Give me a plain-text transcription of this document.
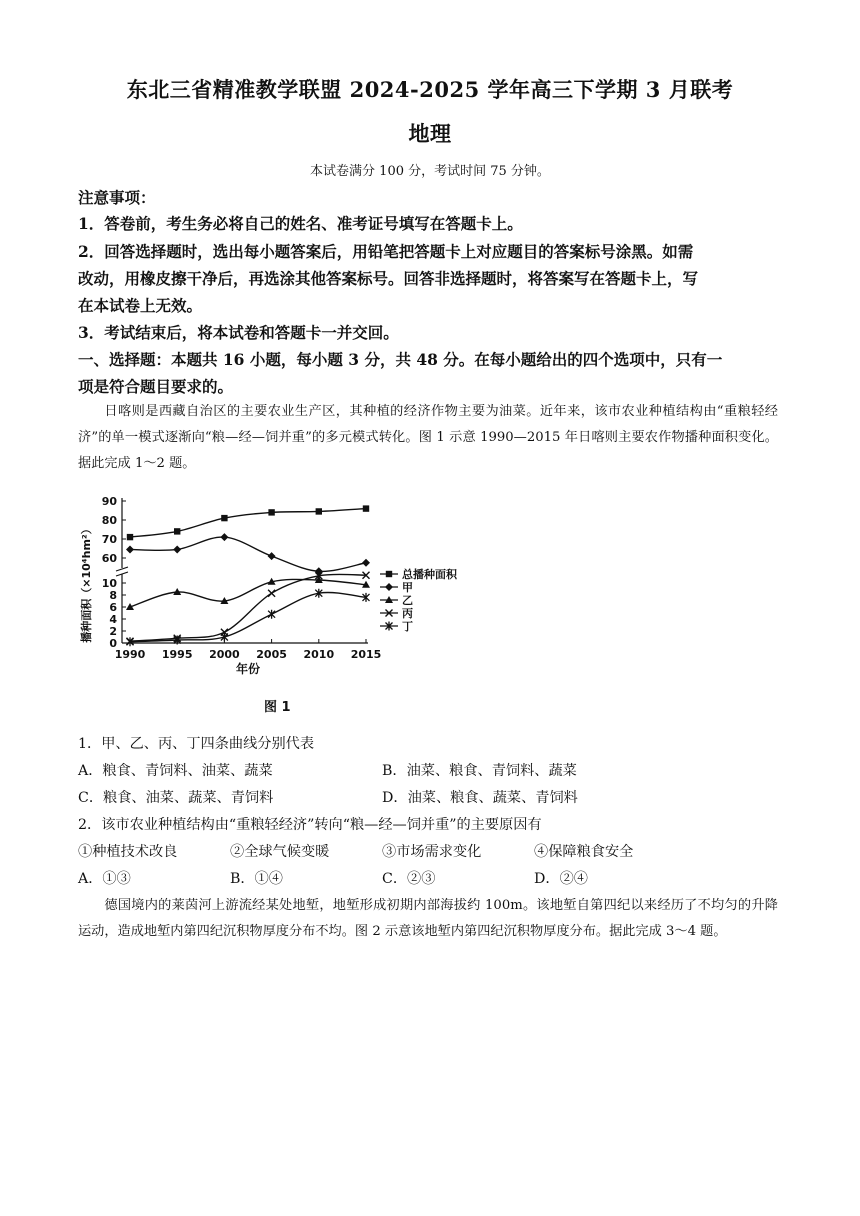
东北三省精准教学联盟 2024-2025 学年高三下学期 3 月联考
地理
本试卷满分 100 分，考试时间 75 分钟。
注意事项：
1．答卷前，考生务必将自己的姓名、准考证号填写在答题卡上。
2．回答选择题时，选出每小题答案后，用铅笔把答题卡上对应题目的答案标号涂黑。如需
改动，用橡皮擦干净后，再选涂其他答案标号。回答非选择题时，将答案写在答题卡上，写
在本试卷上无效。
3．考试结束后，将本试卷和答题卡一并交回。
一、选择题：本题共 16 小题，每小题 3 分，共 48 分。在每小题给出的四个选项中，只有一
项是符合题目要求的。
日喀则是西藏自治区的主要农业生产区，其种植的经济作物主要为油菜。近年来，该市农业种植结构由“重粮轻经济”的单一模式逐渐向“粮—经—饲并重”的多元模式转化。图 1 示意 1990—2015 年日喀则主要农作物播种面积变化。据此完成 1～2 题。
0
2
4
6
8
10
60
70
80
90
1990 1995 2000 2005 2010 2015
年份
播种面积（×10⁴hm²）	总播种面积
甲
乙
丙
丁
图 1
1．甲、乙、丙、丁四条曲线分别代表
A．粮食、青饲料、油菜、蔬菜	B．油菜、粮食、青饲料、蔬菜
C．粮食、油菜、蔬菜、青饲料	D．油菜、粮食、蔬菜、青饲料
2．该市农业种植结构由“重粮轻经济”转向“粮—经—饲并重”的主要原因有
①种植技术改良	②全球气候变暖	③市场需求变化	④保障粮食安全
A．①③	B．①④	C．②③	D．②④
德国境内的莱茵河上游流经某处地堑，地堑形成初期内部海拔约 100m。该地堑自第四纪以来经历了不均匀的升降运动，造成地堑内第四纪沉积物厚度分布不均。图 2 示意该地堑内第四纪沉积物厚度分布。据此完成 3～4 题。
